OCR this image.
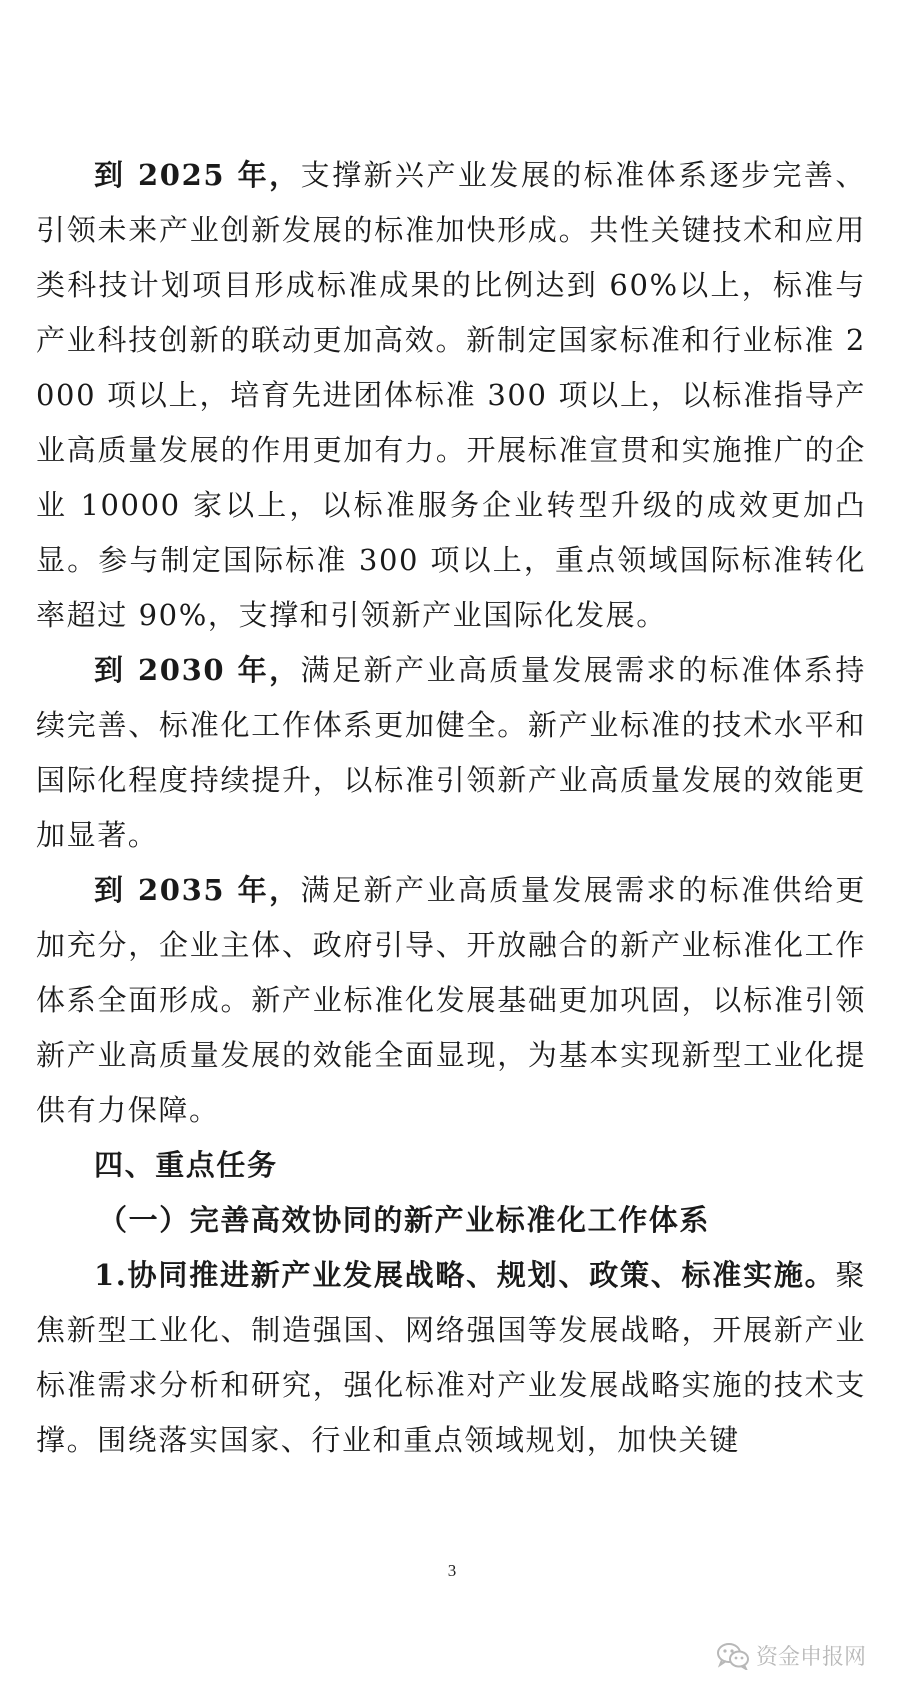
到 2025 年，支撑新兴产业发展的标准体系逐步完善、引领未来产业创新发展的标准加快形成。共性关键技术和应用类科技计划项目形成标准成果的比例达到 60%以上，标准与产业科技创新的联动更加高效。新制定国家标准和行业标准 2000 项以上，培育先进团体标准 300 项以上，以标准指导产业高质量发展的作用更加有力。开展标准宣贯和实施推广的企业 10000 家以上，以标准服务企业转型升级的成效更加凸显。参与制定国际标准 300 项以上，重点领域国际标准转化率超过 90%，支撑和引领新产业国际化发展。

到 2030 年，满足新产业高质量发展需求的标准体系持续完善、标准化工作体系更加健全。新产业标准的技术水平和国际化程度持续提升，以标准引领新产业高质量发展的效能更加显著。

到 2035 年，满足新产业高质量发展需求的标准供给更加充分，企业主体、政府引导、开放融合的新产业标准化工作体系全面形成。新产业标准化发展基础更加巩固，以标准引领新产业高质量发展的效能全面显现，为基本实现新型工业化提供有力保障。

四、重点任务

（一）完善高效协同的新产业标准化工作体系

1.协同推进新产业发展战略、规划、政策、标准实施。聚焦新型工业化、制造强国、网络强国等发展战略，开展新产业标准需求分析和研究，强化标准对产业发展战略实施的技术支撑。围绕落实国家、行业和重点领域规划，加快关键

3
资金申报网
